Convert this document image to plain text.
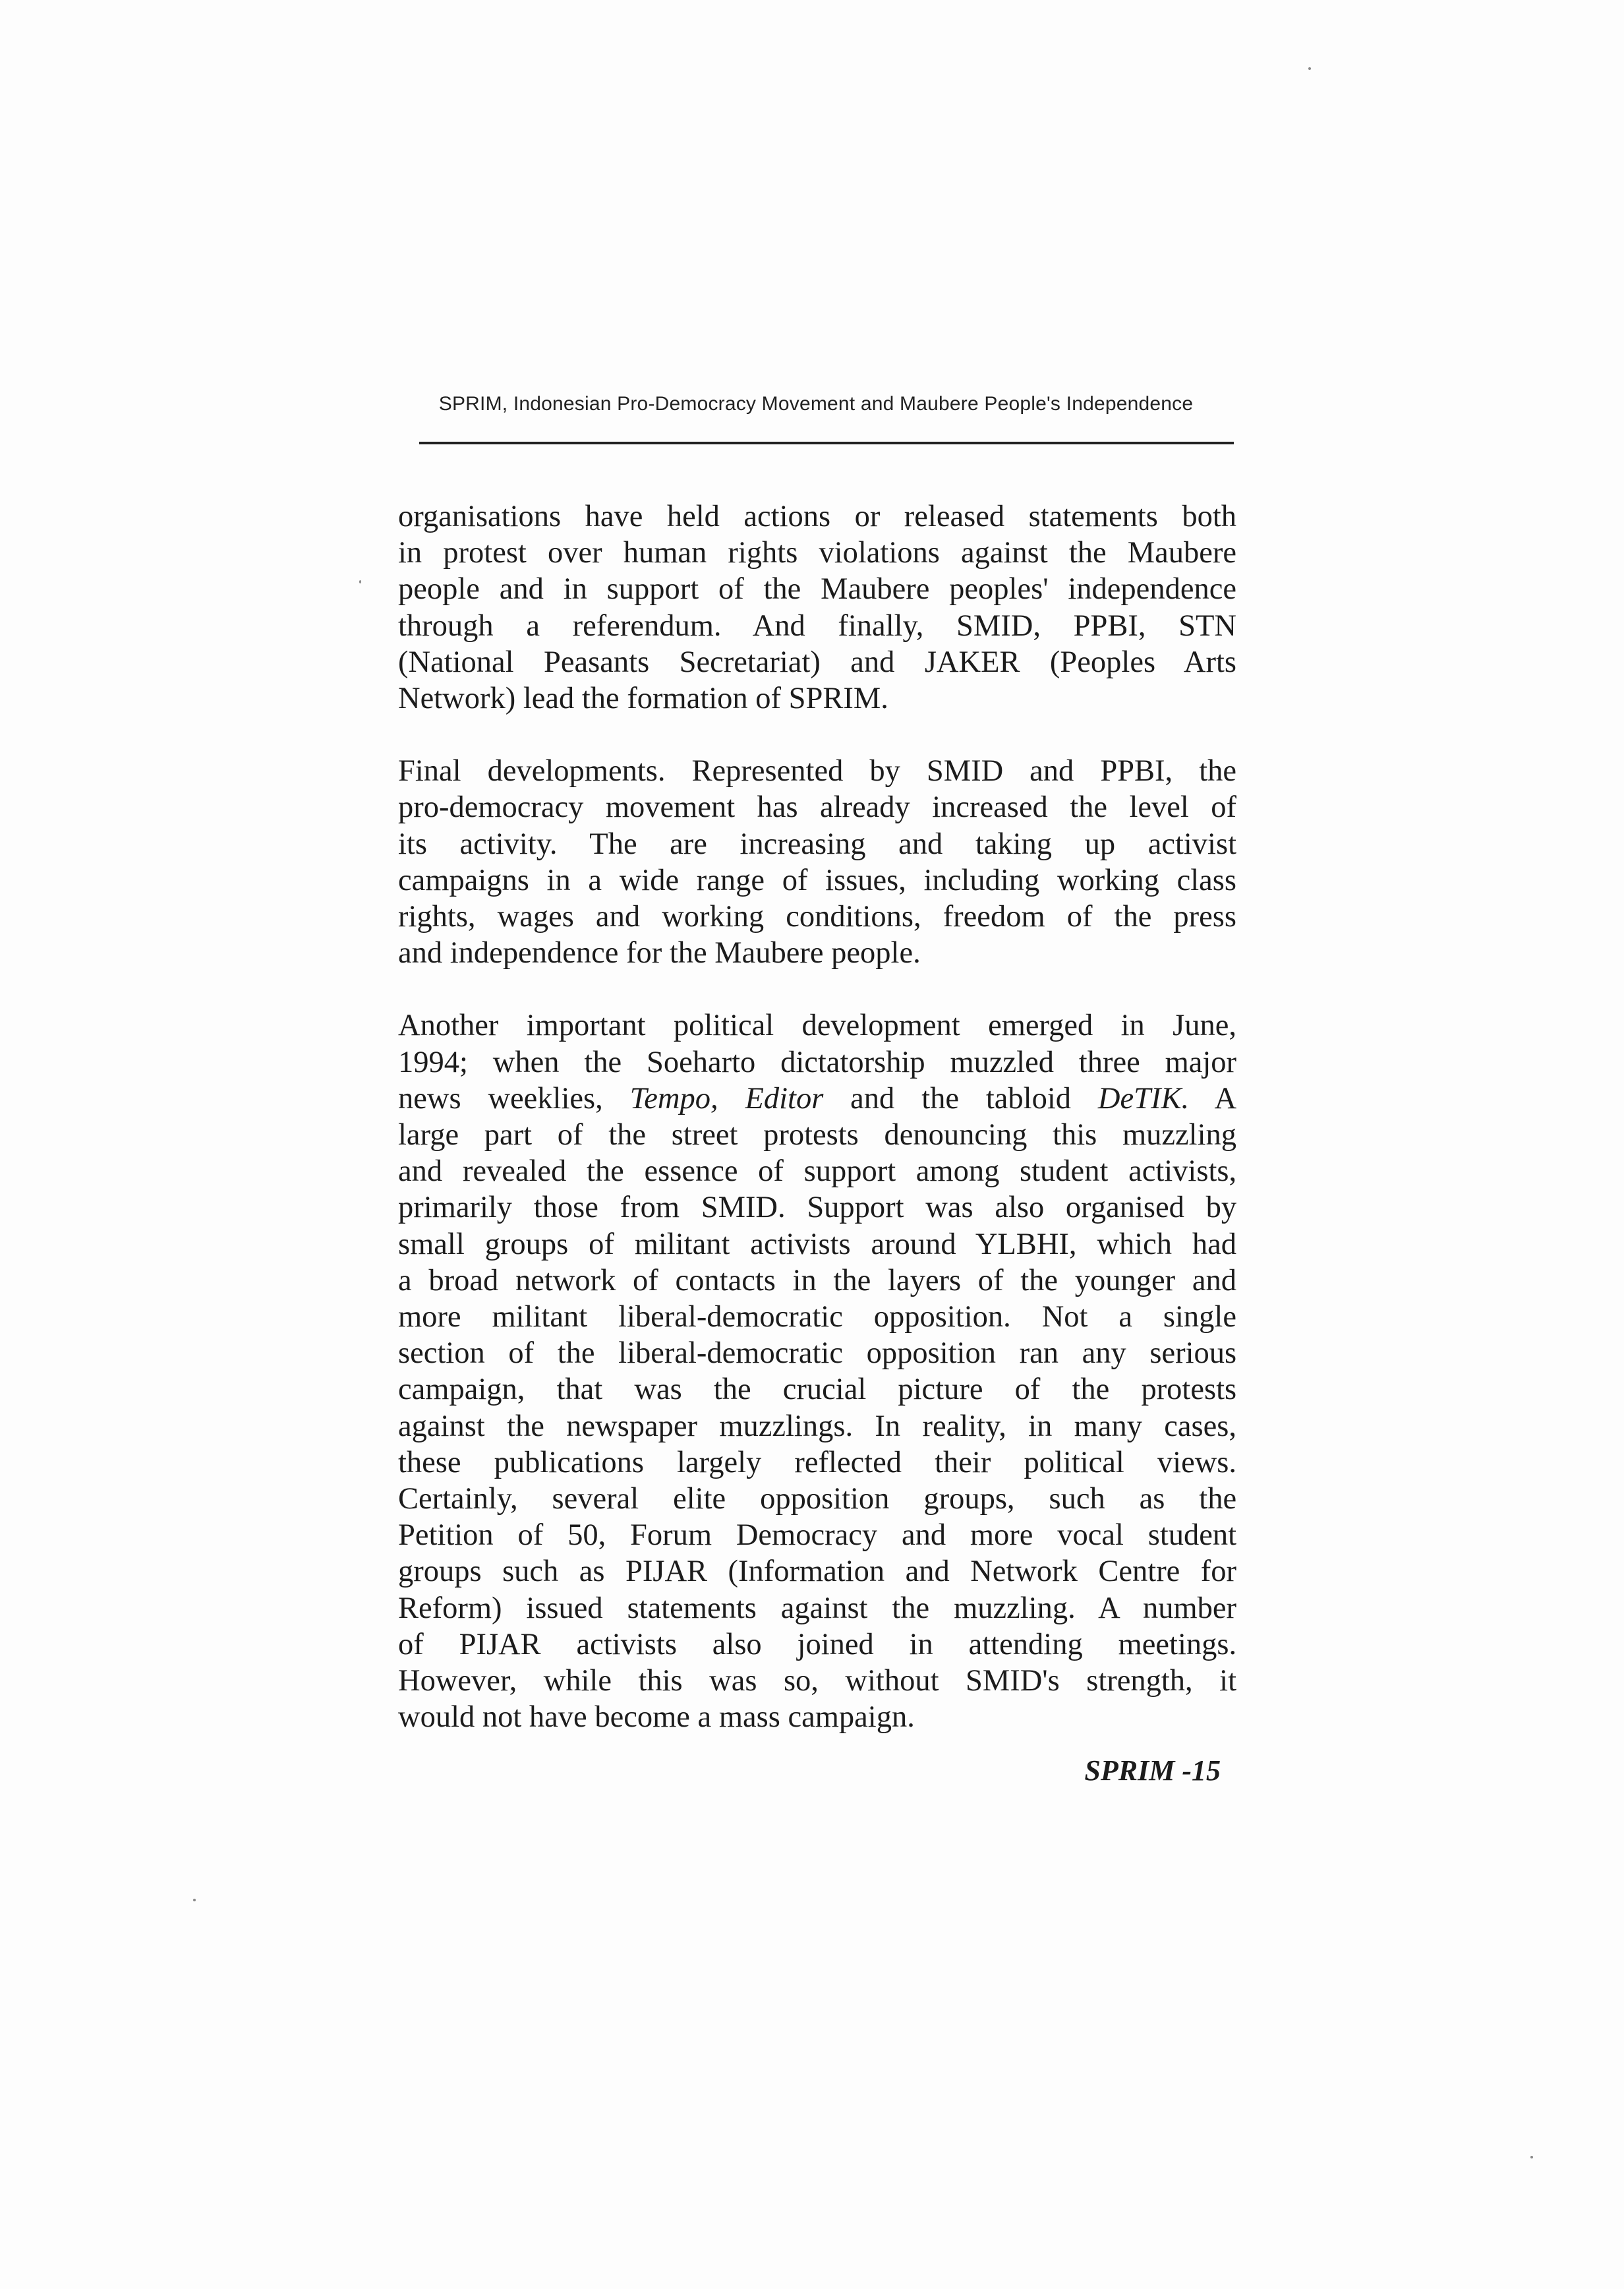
SPRIM, Indonesian Pro-Democracy Movement and Maubere People's Independence

organisations have held actions or released statements both
in protest over human rights violations against the Maubere
people and in support of the Maubere peoples' independence
through a referendum. And finally, SMID, PPBI, STN
(National Peasants Secretariat) and JAKER (Peoples Arts
Network) lead the formation of SPRIM.

Final developments. Represented by SMID and PPBI, the
pro-democracy movement has already increased the level of
its activity. The are increasing and taking up activist
campaigns in a wide range of issues, including working class
rights, wages and working conditions, freedom of the press
and independence for the Maubere people.

Another important political development emerged in June,
1994; when the Soeharto dictatorship muzzled three major
news weeklies, Tempo, Editor and the tabloid DeTIK. A
large part of the street protests denouncing this muzzling
and revealed the essence of support among student activists,
primarily those from SMID. Support was also organised by
small groups of militant activists around YLBHI, which had
a broad network of contacts in the layers of the younger and
more militant liberal-democratic opposition. Not a single
section of the liberal-democratic opposition ran any serious
campaign, that was the crucial picture of the protests
against the newspaper muzzlings. In reality, in many cases,
these publications largely reflected their political views.
Certainly, several elite opposition groups, such as the
Petition of 50, Forum Democracy and more vocal student
groups such as PIJAR (Information and Network Centre for
Reform) issued statements against the muzzling. A number
of PIJAR activists also joined in attending meetings.
However, while this was so, without SMID's strength, it
would not have become a mass campaign.

SPRIM -15
